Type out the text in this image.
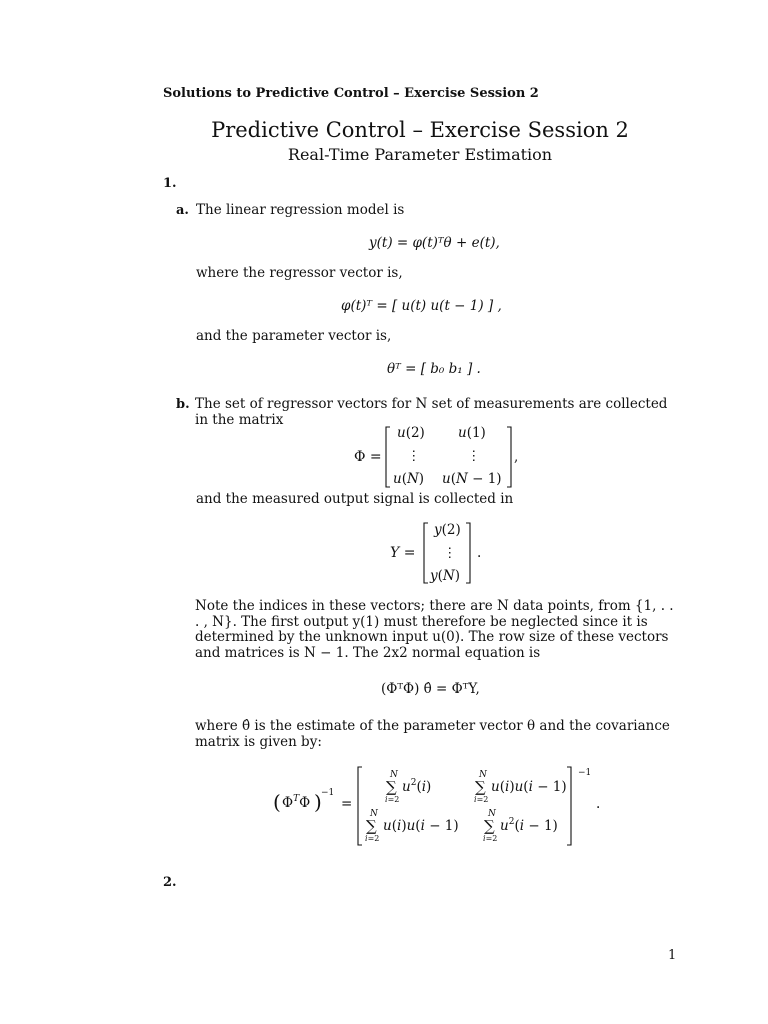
Solutions to Predictive Control – Exercise Session 2
Predictive Control – Exercise Session 2
Real-Time Parameter Estimation
1.
a. The linear regression model is
y(t) = φ(t)ᵀθ + e(t),
where the regressor vector is,
φ(t)ᵀ = [ u(t) u(t − 1) ] ,
and the parameter vector is,
θᵀ = [ b₀ b₁ ] .
b. The set of regressor vectors for N set of measurements are collected in the matrix
Φ =
u(2) u(1)
⋮	⋮
u(N) u(N − 1)
,
Y =
y(2)
⋮
y(N)
.
( $\Phi^T\Phi$ ) −1
=
−1
N
∑
i=2
$u^2(i)$
N
∑
i=2
u(i)u(i − 1)
N
∑
i=2
u(i)u(i − 1)
N
∑
i=2
$u^2(i - 1)$
.
and the measured output signal is collected in
Note the indices in these vectors; there are N data points, from {1, . . . , N}. The first output y(1) must therefore be neglected since it is determined by the unknown input u(0). The row size of these vectors and matrices is N − 1. The 2x2 normal equation is
(ΦᵀΦ) θ̂ = ΦᵀY,
where θ̂ is the estimate of the parameter vector θ and the covariance matrix is given by:
2.
1
